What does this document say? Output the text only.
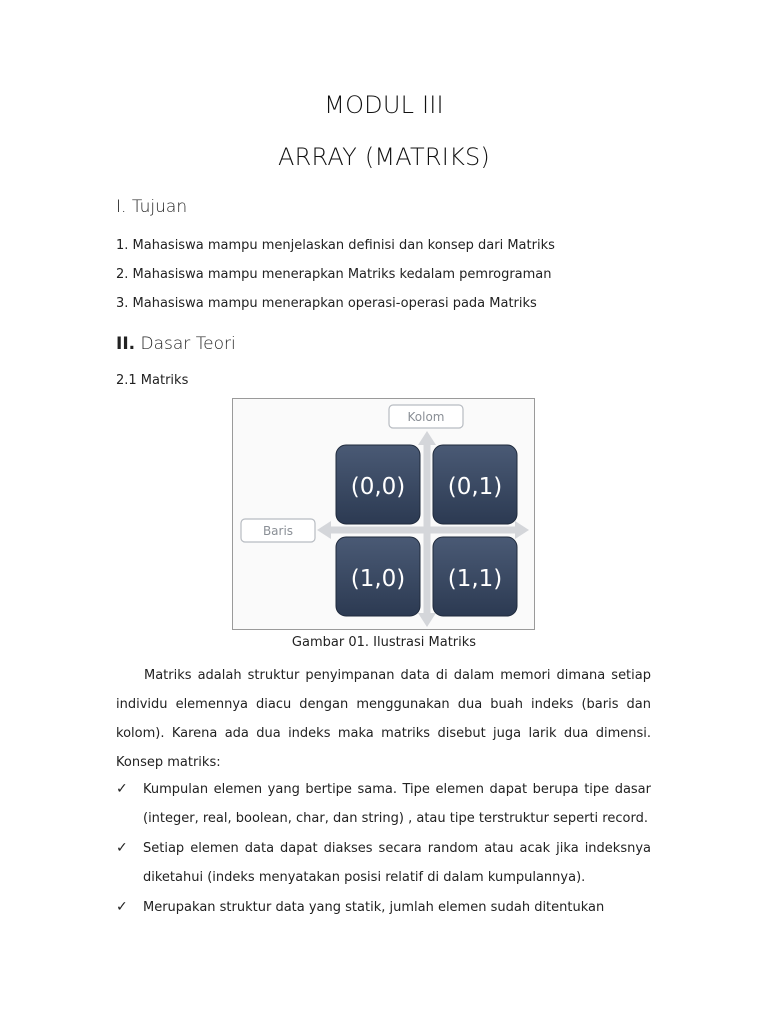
MODUL III
ARRAY (MATRIKS)
I. Tujuan
1. Mahasiswa mampu menjelaskan definisi dan konsep dari Matriks
2. Mahasiswa mampu menerapkan Matriks kedalam pemrograman
3. Mahasiswa mampu menerapkan operasi-operasi pada Matriks
II. Dasar Teori
2.1 Matriks
Kolom
Baris
(0,0) (0,1)
(1,0) (1,1)
Gambar 01. Ilustrasi Matriks
Matriks adalah struktur penyimpanan data di dalam memori dimana setiap individu elemennya diacu dengan menggunakan dua buah indeks (baris dan kolom). Karena ada dua indeks maka matriks disebut juga larik dua dimensi. Konsep matriks:
✓ Kumpulan elemen yang bertipe sama. Tipe elemen dapat berupa tipe dasar (integer, real, boolean, char, dan string) , atau tipe terstruktur seperti record.
✓ Setiap elemen data dapat diakses secara random atau acak jika indeksnya diketahui (indeks menyatakan posisi relatif di dalam kumpulannya).
✓ Merupakan struktur data yang statik, jumlah elemen sudah ditentukan
